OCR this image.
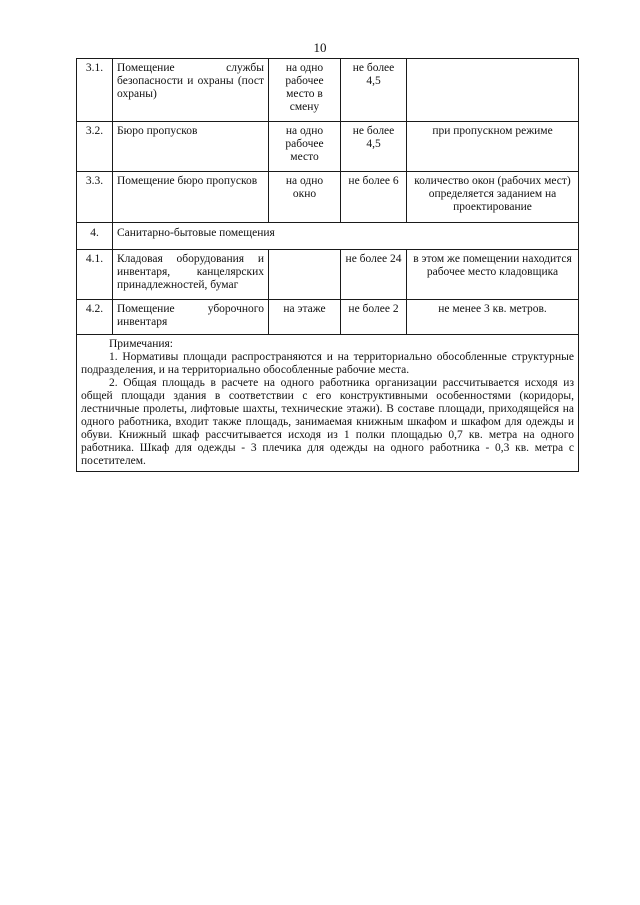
10
3.1.	Помещение службы безопасности и охраны (пост охраны)	на одно рабочее место в смену	не более 4,5	
3.2.	Бюро пропусков	на одно рабочее место	не более 4,5	при пропускном режиме
3.3.	Помещение бюро пропусков	на одно окно	не более 6	количество окон (рабочих мест) определяется заданием на проектирование
4.	Санитарно-бытовые помещения			
4.1.	Кладовая оборудования и инвентаря, канцелярских принадлежностей, бумаг		не более 24	в этом же помещении находится рабочее место кладовщика
4.2.	Помещение уборочного инвентаря	на этаже	не более 2	не менее 3 кв. метров.

Примечания:

1. Нормативы площади распространяются и на территориально обособленные структурные подразделения, и на территориально обособленные рабочие места.

2. Общая площадь в расчете на одного работника организации рассчитывается исходя из общей площади здания в соответствии с его конструктивными особенностями (коридоры, лестничные пролеты, лифтовые шахты, технические этажи). В составе площади, приходящейся на одного работника, входит также площадь, занимаемая книжным шкафом и шкафом для одежды и обуви. Книжный шкаф рассчитывается исходя из 1 полки площадью 0,7 кв. метра на одного работника. Шкаф для одежды - 3 плечика для одежды на одного работника - 0,3 кв. метра с посетителем.				
